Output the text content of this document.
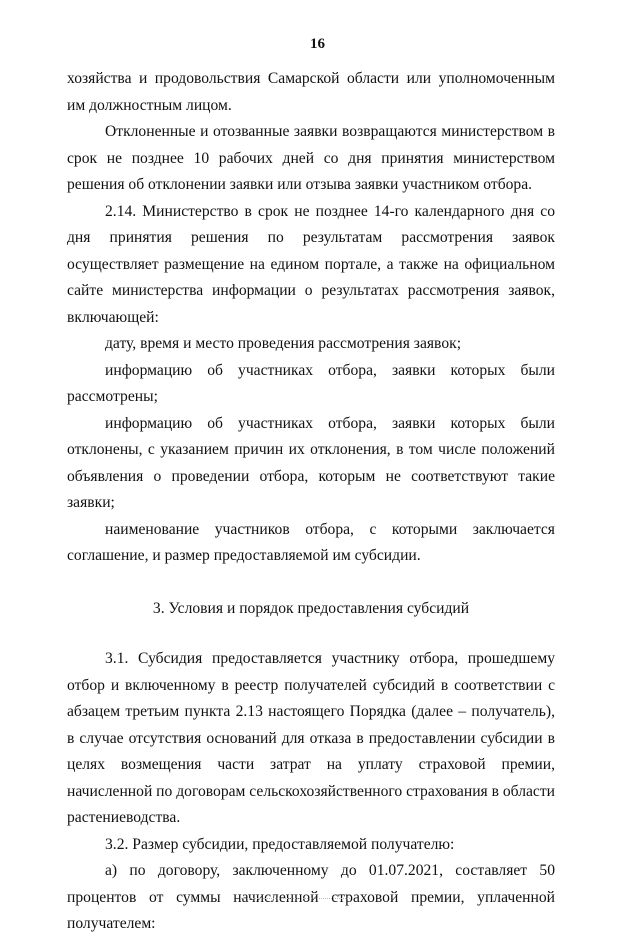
16

хозяйства и продовольствия Самарской области или уполномоченным им должностным лицом.

Отклоненные и отозванные заявки возвращаются министерством в срок не позднее 10 рабочих дней со дня принятия министерством решения об отклонении заявки или отзыва заявки участником отбора.

2.14. Министерство в срок не позднее 14-го календарного дня со дня принятия решения по результатам рассмотрения заявок осуществляет размещение на едином портале, а также на официальном сайте министерства информации о результатах рассмотрения заявок, включающей:

дату, время и место проведения рассмотрения заявок;

информацию об участниках отбора, заявки которых были рассмотрены;

информацию об участниках отбора, заявки которых были отклонены, с указанием причин их отклонения, в том числе положений объявления о проведении отбора, которым не соответствуют такие заявки;

наименование участников отбора, с которыми заключается соглашение, и размер предоставляемой им субсидии.

3. Условия и порядок предоставления субсидий

3.1. Субсидия предоставляется участнику отбора, прошедшему отбор и включенному в реестр получателей субсидий в соответствии с абзацем третьим пункта 2.13 настоящего Порядка (далее – получатель), в случае отсутствия оснований для отказа в предоставлении субсидии в целях возмещения части затрат на уплату страховой премии, начисленной по договорам сельскохозяйственного страхования в области растениеводства.

3.2. Размер субсидии, предоставляемой получателю:

а) по договору, заключенному до 01.07.2021, составляет 50 процентов от суммы начисленной страховой премии, уплаченной получателем:
